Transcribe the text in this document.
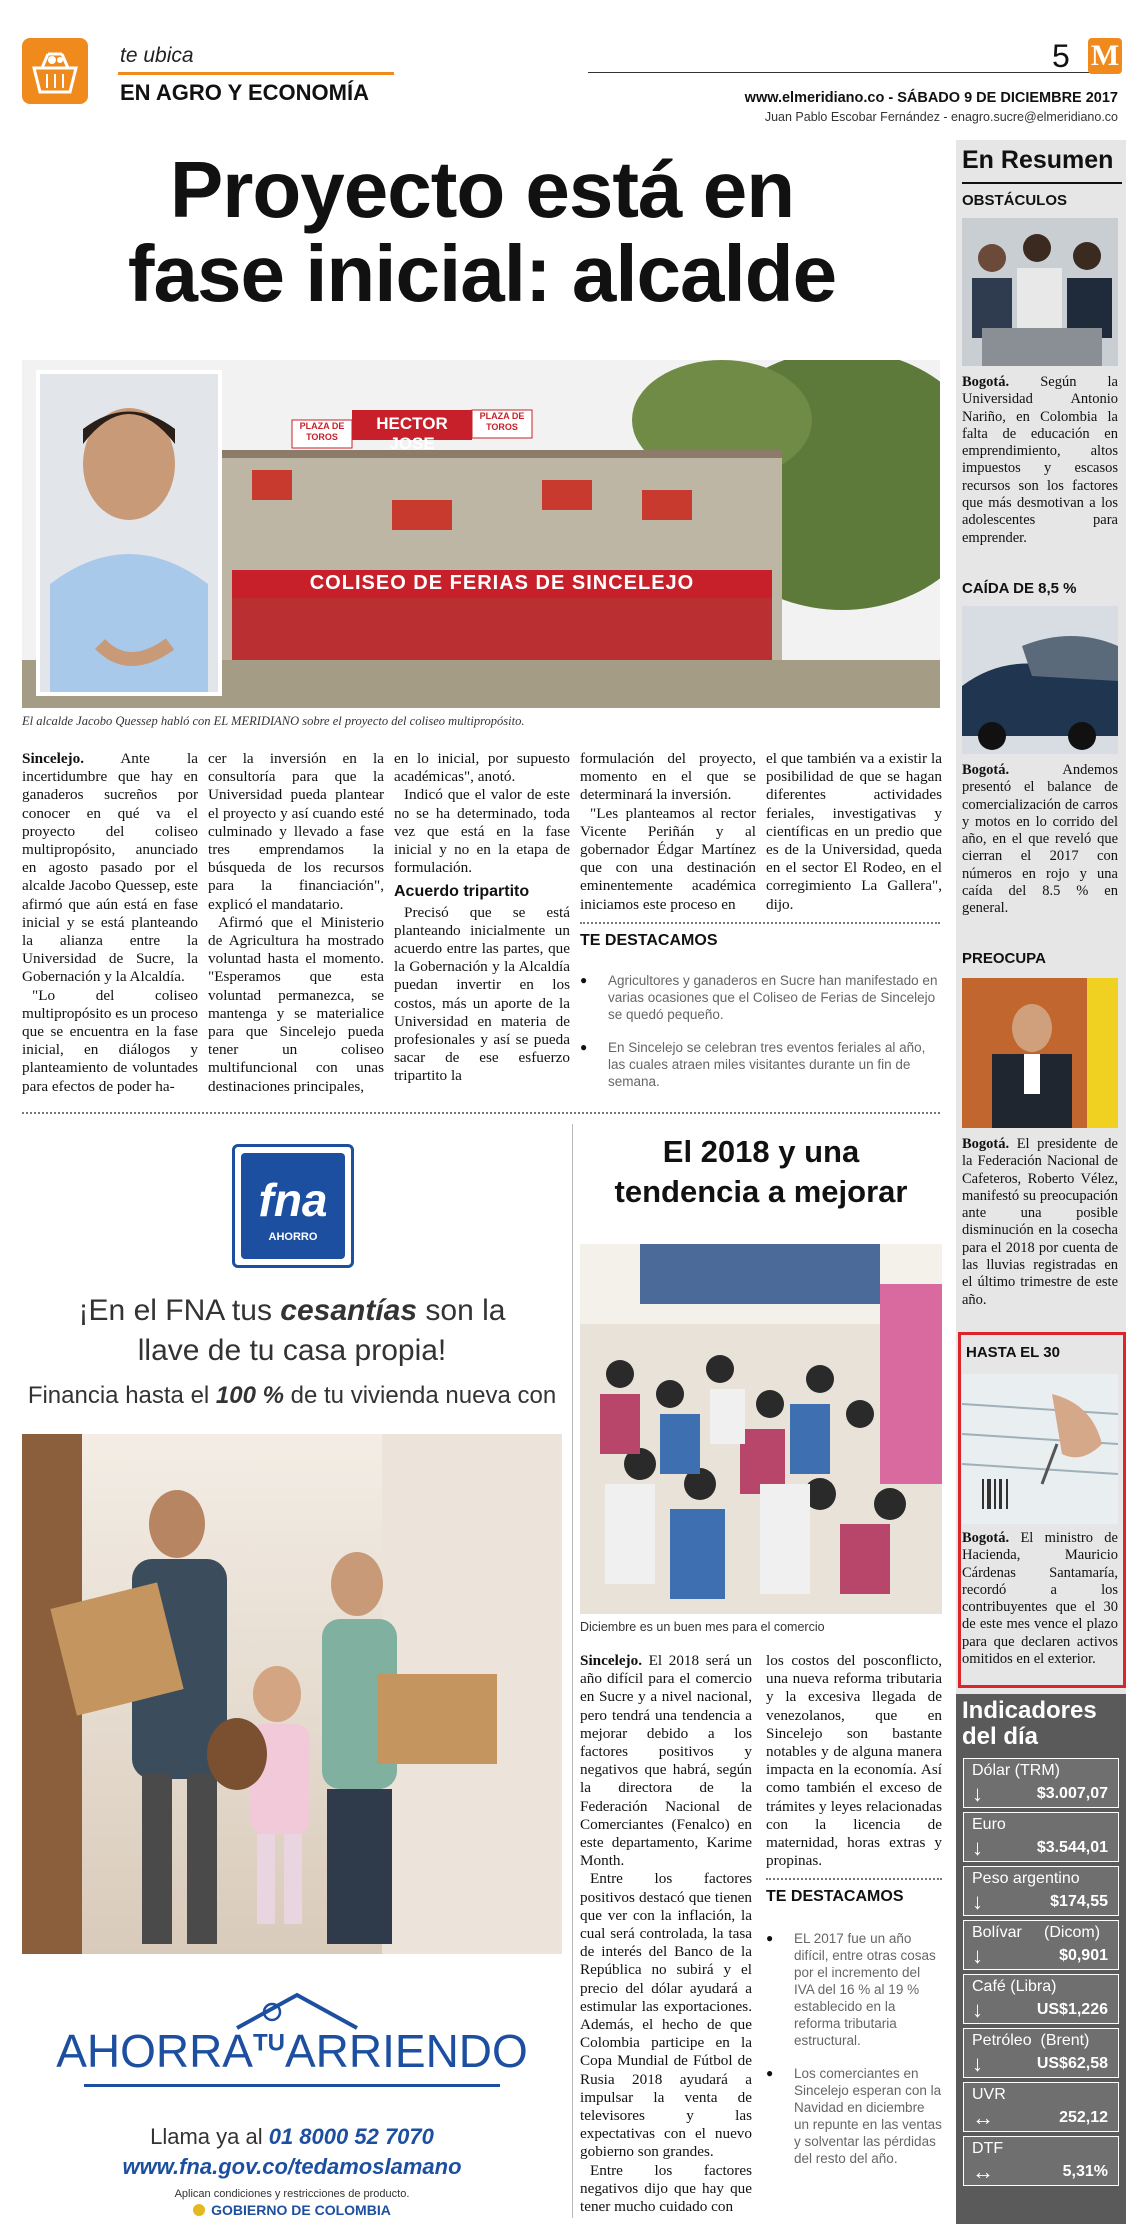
te ubica
EN AGRO Y ECONOMÍA
5 M
www.elmeridiano.co - SÁBADO 9 DE DICIEMBRE 2017
Juan Pablo Escobar Fernández - enagro.sucre@elmeridiano.co
Proyecto está en
fase inicial: alcalde
COLISEO DE FERIAS DE SINCELEJO
HECTOR JOSE
PLAZA DE TOROS
PLAZA DE TOROS
El alcalde Jacobo Quessep habló con EL MERIDIANO sobre el proyecto del coliseo multipropósito.

Sincelejo. Ante la incertidumbre que hay en ganaderos sucreños por conocer en qué va el proyecto del coliseo multipropósito, anunciado en agosto pasado por el alcalde Jacobo Quessep, este afirmó que aún está en fase inicial y se está planteando la alianza entre la Universidad de Sucre, la Gobernación y la Alcaldía.

"Lo del coliseo multipropósito es un proceso que se encuentra en la fase inicial, en diálogos y planteamiento de voluntades para efectos de poder ha-

cer la inversión en la consultoría para que la Universidad pueda plantear el proyecto y así cuando esté culminado y llevado a fase tres emprendamos la búsqueda de los recursos para la financiación", explicó el mandatario.

Afirmó que el Ministerio de Agricultura ha mostrado voluntad hasta el momento. "Esperamos que esta voluntad permanezca, se mantenga y se materialice para que Sincelejo pueda tener un coliseo multifuncional con unas destinaciones principales,

en lo inicial, por supuesto académicas", anotó.

Indicó que el valor de este no se ha determinado, toda vez que está en la fase inicial y no en la etapa de formulación.

Acuerdo tripartito

Precisó que se está planteando inicialmente un acuerdo entre las partes, que la Gobernación y la Alcaldía puedan invertir en los costos, más un aporte de la Universidad en materia de profesionales y así se pueda sacar de ese esfuerzo tripartito la

formulación del proyecto, momento en el que se determinará la inversión.

"Les planteamos al rector Vicente Periñán y al gobernador Édgar Martínez que con una destinación eminentemente académica iniciamos este proceso en

el que también va a existir la posibilidad de que se hagan diferentes actividades feriales, investigativas y científicas en un predio que es de la Universidad, queda en el sector El Rodeo, en el corregimiento La Gallera", dijo.

TE DESTACAMOS
● Agricultores y ganaderos en Sucre han manifestado en varias ocasiones que el Coliseo de Ferias de Sincelejo se quedó pequeño.
● En Sincelejo se celebran tres eventos feriales al año, las cuales atraen miles visitantes durante un fin de semana.
fna
AHORRO
¡En el FNA tus cesantías son la
llave de tu casa propia!
Financia hasta el 100 % de tu vivienda nueva con
$AHORRA^{TU}ARRIENDO$
Llama ya al 01 8000 52 7070
www.fna.gov.co/tedamoslamano
Aplican condiciones y restricciones de producto.
GOBIERNO DE COLOMBIA
El 2018 y una
tendencia a mejorar
Diciembre es un buen mes para el comercio

Sincelejo. El 2018 será un año difícil para el comercio en Sucre y a nivel nacional, pero tendrá una tendencia a mejorar debido a los factores positivos y negativos que habrá, según la directora de la Federación Nacional de Comerciantes (Fenalco) en este departamento, Karime Month.

Entre los factores positivos destacó que tienen que ver con la inflación, la cual será controlada, la tasa de interés del Banco de la República no subirá y el precio del dólar ayudará a estimular las exportaciones. Además, el hecho de que Colombia participe en la Copa Mundial de Fútbol de Rusia 2018 ayudará a impulsar la venta de televisores y las expectativas con el nuevo gobierno son grandes.

Entre los factores negativos dijo que hay que tener mucho cuidado con

los costos del posconflicto, una nueva reforma tributaria y la excesiva llegada de venezolanos, que en Sincelejo son bastante notables y de alguna manera impacta en la economía. Así como también el exceso de trámites y leyes relacionadas con la licencia de maternidad, horas extras y propinas.

TE DESTACAMOS
● EL 2017 fue un año difícil, entre otras cosas por el incremento del IVA del 16 % al 19 % establecido en la reforma tributaria estructural.
● Los comerciantes en Sincelejo esperan con la Navidad en diciembre un repunte en las ventas y solventar las pérdidas del resto del año.
En Resumen
OBSTÁCULOS
Bogotá. Según la Universidad Antonio Nariño, en Colombia la falta de educación en emprendimiento, altos impuestos y escasos recursos son los factores que más desmotivan a los adolescentes para emprender.
CAÍDA DE 8,5 %
Bogotá. Andemos presentó el balance de comercialización de carros y motos en lo corrido del año, en el que reveló que cierran el 2017 con números en rojo y una caída del 8.5 % en general.
PREOCUPA
Bogotá. El presidente de la Federación Nacional de Cafeteros, Roberto Vélez, manifestó su preocupación ante una posible disminución en la cosecha para el 2018 por cuenta de las lluvias registradas en el último trimestre de este año.
HASTA EL 30
Bogotá. El ministro de Hacienda, Mauricio Cárdenas Santamaría, recordó a los contribuyentes que el 30 de este mes vence el plazo para que declaren activos omitidos en el exterior.
Indicadores
del día
Dólar (TRM)
↓	$3.007,07
Euro
↓	$3.544,01
Peso argentino
↓	$174,55
Bolívar     (Dicom)
↓	$0,901
Café (Libra)
↓	US$1,226
Petróleo  (Brent)
↓	US$62,58
UVR
↔	252,12
DTF
↔	5,31%
